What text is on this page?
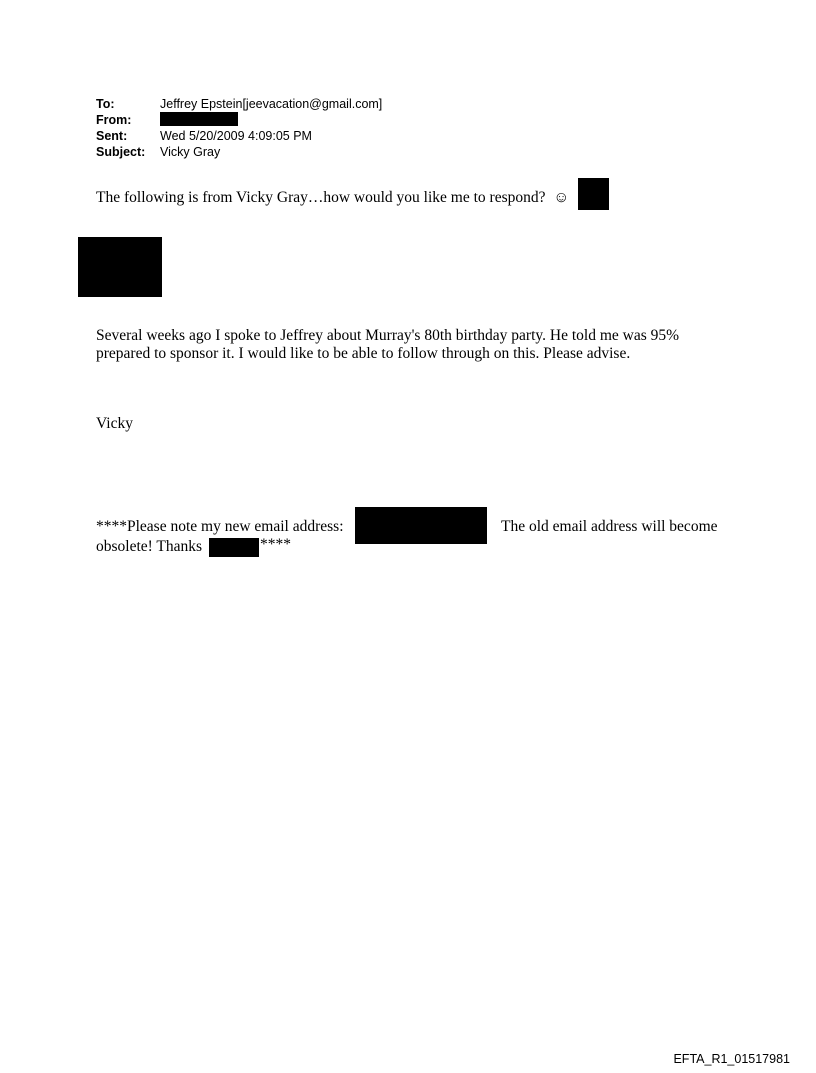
To:	Jeffrey Epstein[jeevacation@gmail.com]
From:
Sent:	Wed 5/20/2009 4:09:05 PM
Subject:	Vicky Gray
The following is from Vicky Gray…how would you like me to respond? ☺
Several weeks ago I spoke to Jeffrey about Murray's 80th birthday party. He told me was 95%
prepared to sponsor it. I would like to be able to follow through on this. Please advise.
Vicky
****Please note my new email address:	The old email address will become
obsolete! Thanks	****
EFTA_R1_01517981
